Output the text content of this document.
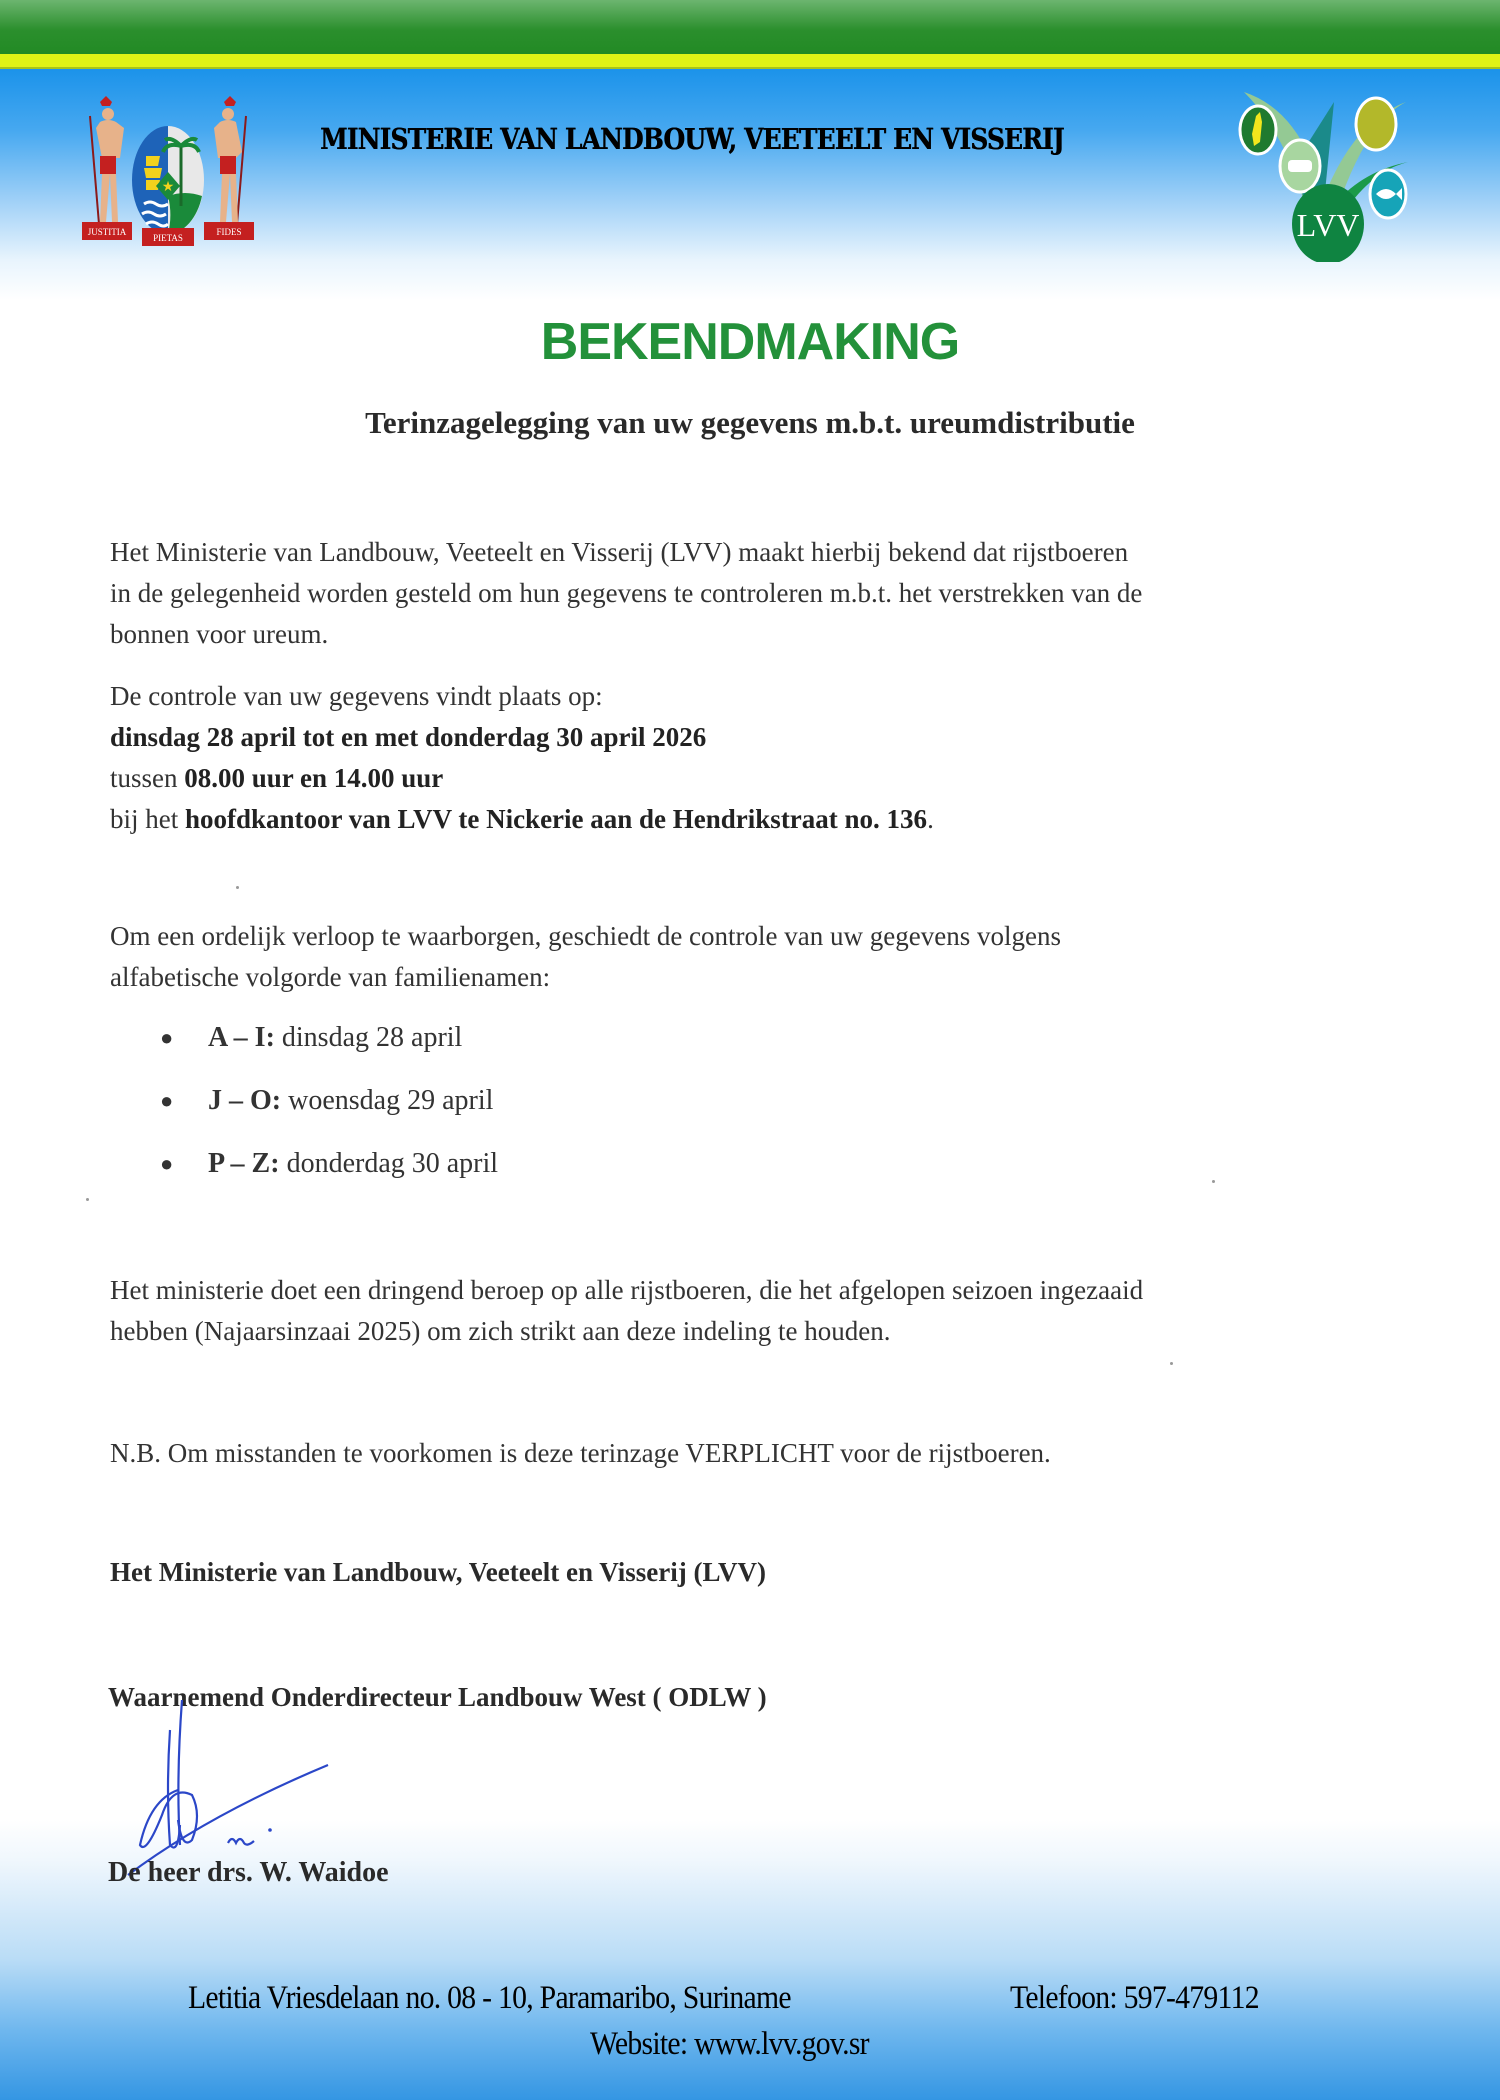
★
JUSTITIA
PIETAS
FIDES
MINISTERIE VAN LANDBOUW, VEETEELT EN VISSERIJ
LVV
BEKENDMAKING
Terinzagelegging van uw gegevens m.b.t. ureumdistributie
Het Ministerie van Landbouw, Veeteelt en Visserij (LVV) maakt hierbij bekend dat rijstboeren
in de gelegenheid worden gesteld om hun gegevens te controleren m.b.t. het verstrekken van de
bonnen voor ureum.
De controle van uw gegevens vindt plaats op:
dinsdag 28 april tot en met donderdag 30 april 2026
tussen 08.00 uur en 14.00 uur
bij het hoofdkantoor van LVV te Nickerie aan de Hendrikstraat no. 136.
Om een ordelijk verloop te waarborgen, geschiedt de controle van uw gegevens volgens
alfabetische volgorde van familienamen:
● A – I: dinsdag 28 april
● J – O: woensdag 29 april
● P – Z: donderdag 30 april
Het ministerie doet een dringend beroep op alle rijstboeren, die het afgelopen seizoen ingezaaid
hebben (Najaarsinzaai 2025) om zich strikt aan deze indeling te houden.
N.B. Om misstanden te voorkomen is deze terinzage VERPLICHT voor de rijstboeren.
Het Ministerie van Landbouw, Veeteelt en Visserij (LVV)
Waarnemend Onderdirecteur Landbouw West ( ODLW )
De heer drs. W. Waidoe
Letitia Vriesdelaan no. 08 - 10, Paramaribo, Suriname	Telefoon: 597-479112
Website: www.lvv.gov.sr
